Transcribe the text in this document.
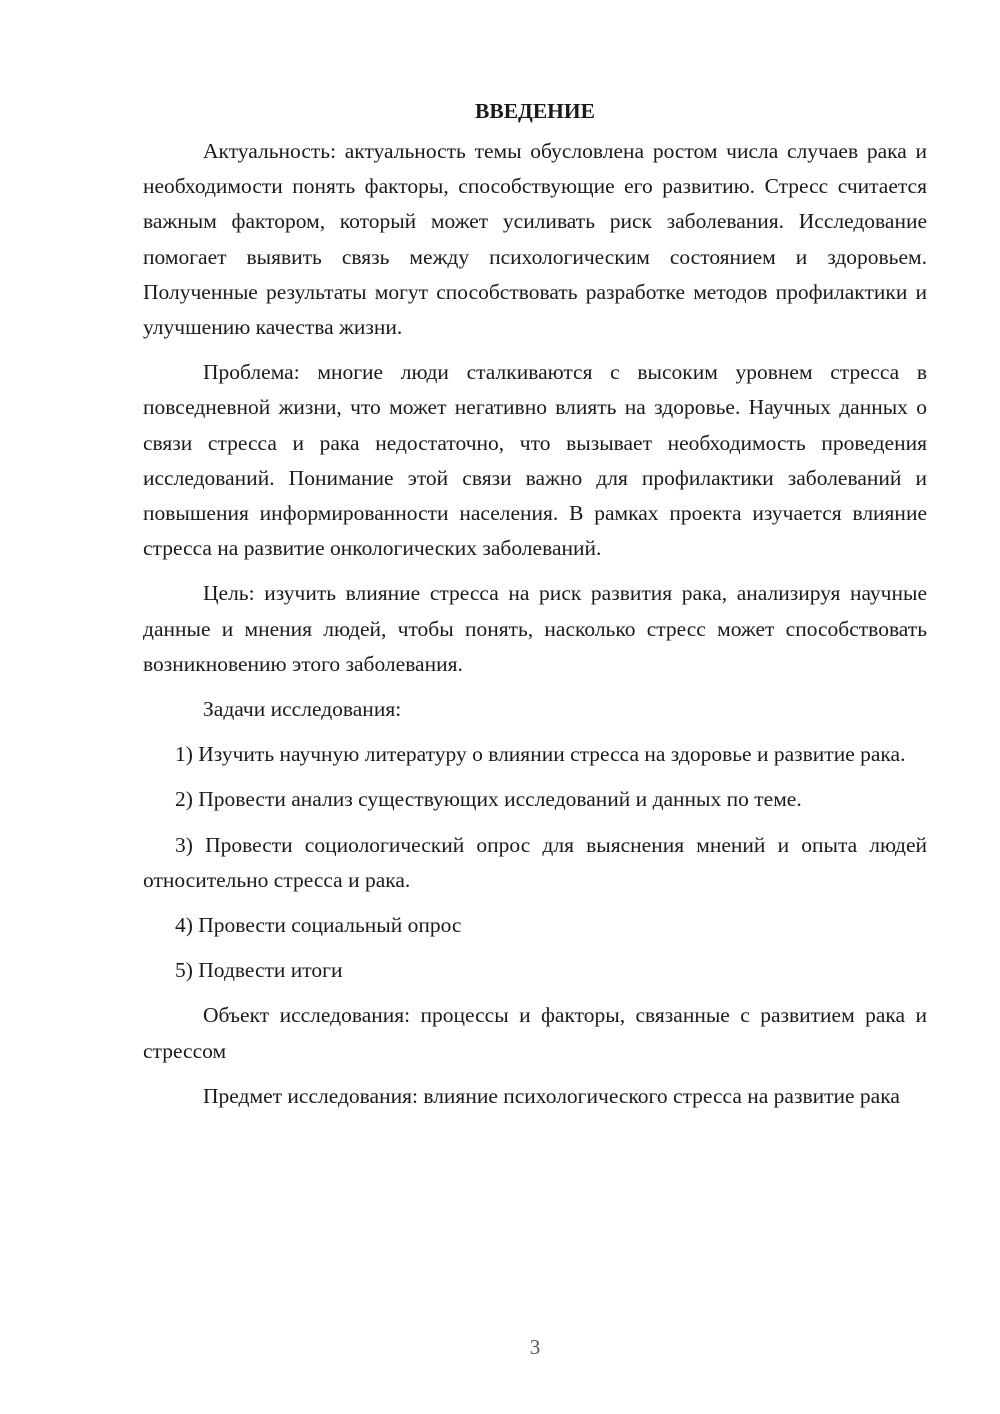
ВВЕДЕНИЕ

Актуальность: актуальность темы обусловлена ростом числа случаев рака и необходимости понять факторы, способствующие его развитию. Стресс считается важным фактором, который может усиливать риск заболевания. Исследование помогает выявить связь между психологическим состоянием и здоровьем. Полученные результаты могут способствовать разработке методов профилактики и улучшению качества жизни.

Проблема: многие люди сталкиваются с высоким уровнем стресса в повседневной жизни, что может негативно влиять на здоровье. Научных данных о связи стресса и рака недостаточно, что вызывает необходимость проведения исследований. Понимание этой связи важно для профилактики заболеваний и повышения информированности населения. В рамках проекта изучается влияние стресса на развитие онкологических заболеваний.

Цель: изучить влияние стресса на риск развития рака, анализируя научные данные и мнения людей, чтобы понять, насколько стресс может способствовать возникновению этого заболевания.

Задачи исследования:

1) Изучить научную литературу о влиянии стресса на здоровье и развитие рака.

2) Провести анализ существующих исследований и данных по теме.

3) Провести социологический опрос для выяснения мнений и опыта людей относительно стресса и рака.

4) Провести социальный опрос

5) Подвести итоги

Объект исследования: процессы и факторы, связанные с развитием рака и стрессом

Предмет исследования: влияние психологического стресса на развитие рака

3
